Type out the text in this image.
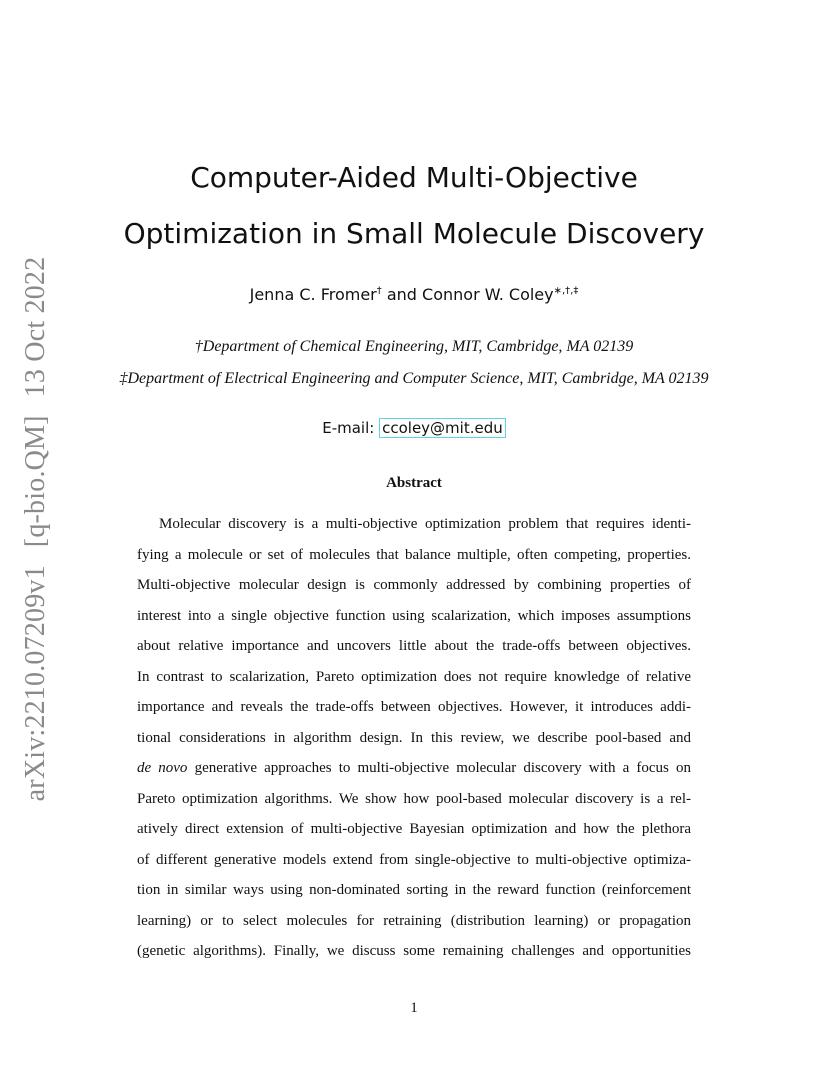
arXiv:2210.07209v1[q-bio.QM]13 Oct 2022
Computer-Aided Multi-Objective
Optimization in Small Molecule Discovery
Jenna C. Fromer† and Connor W. Coley∗,†,‡
†Department of Chemical Engineering, MIT, Cambridge, MA 02139
‡Department of Electrical Engineering and Computer Science, MIT, Cambridge, MA 02139
E-mail: ccoley@mit.edu
Abstract
Molecular discovery is a multi-objective optimization problem that requires identi-
fying a molecule or set of molecules that balance multiple, often competing, properties.
Multi-objective molecular design is commonly addressed by combining properties of
interest into a single objective function using scalarization, which imposes assumptions
about relative importance and uncovers little about the trade-offs between objectives.
In contrast to scalarization, Pareto optimization does not require knowledge of relative
importance and reveals the trade-offs between objectives. However, it introduces addi-
tional considerations in algorithm design. In this review, we describe pool-based and
de novo generative approaches to multi-objective molecular discovery with a focus on
Pareto optimization algorithms. We show how pool-based molecular discovery is a rel-
atively direct extension of multi-objective Bayesian optimization and how the plethora
of different generative models extend from single-objective to multi-objective optimiza-
tion in similar ways using non-dominated sorting in the reward function (reinforcement
learning) or to select molecules for retraining (distribution learning) or propagation
(genetic algorithms). Finally, we discuss some remaining challenges and opportunities
1
